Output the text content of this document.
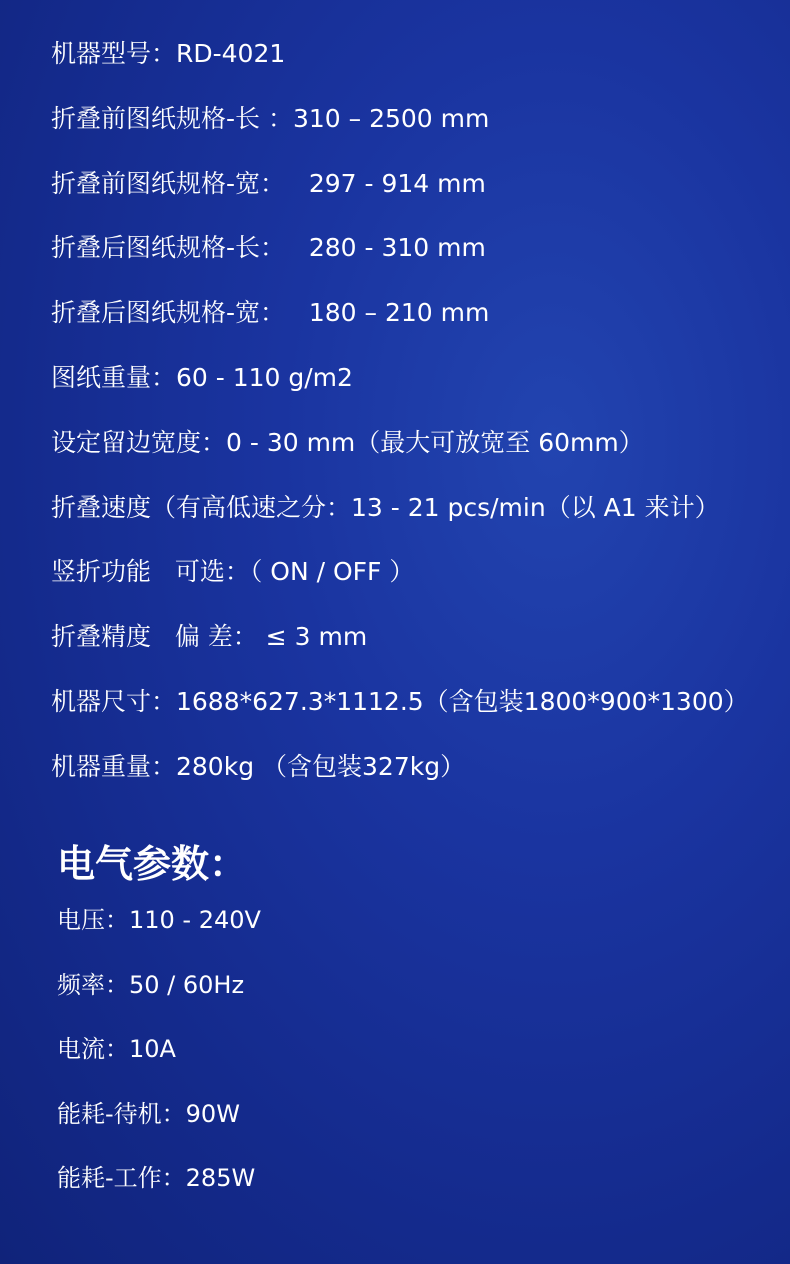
机器型号：RD-4021
折叠前图纸规格-长 ：310 – 2500 mm
折叠前图纸规格-宽：   297 - 914 mm
折叠后图纸规格-长：   280 - 310 mm
折叠后图纸规格-宽：   180 – 210 mm
图纸重量：60 - 110 g/m2
设定留边宽度：0 - 30 mm（最大可放宽至 60mm）
折叠速度（有高低速之分：13 - 21 pcs/min（以 A1 来计）
竖折功能   可选：（ ON / OFF ）
折叠精度   偏 差： ≤ 3 mm
机器尺寸：1688*627.3*1112.5（含包装1800*900*1300）
机器重量：280kg （含包装327kg）
电气参数：
电压：110 - 240V
频率：50 / 60Hz
电流：10A
能耗-待机：90W
能耗-工作：285W
